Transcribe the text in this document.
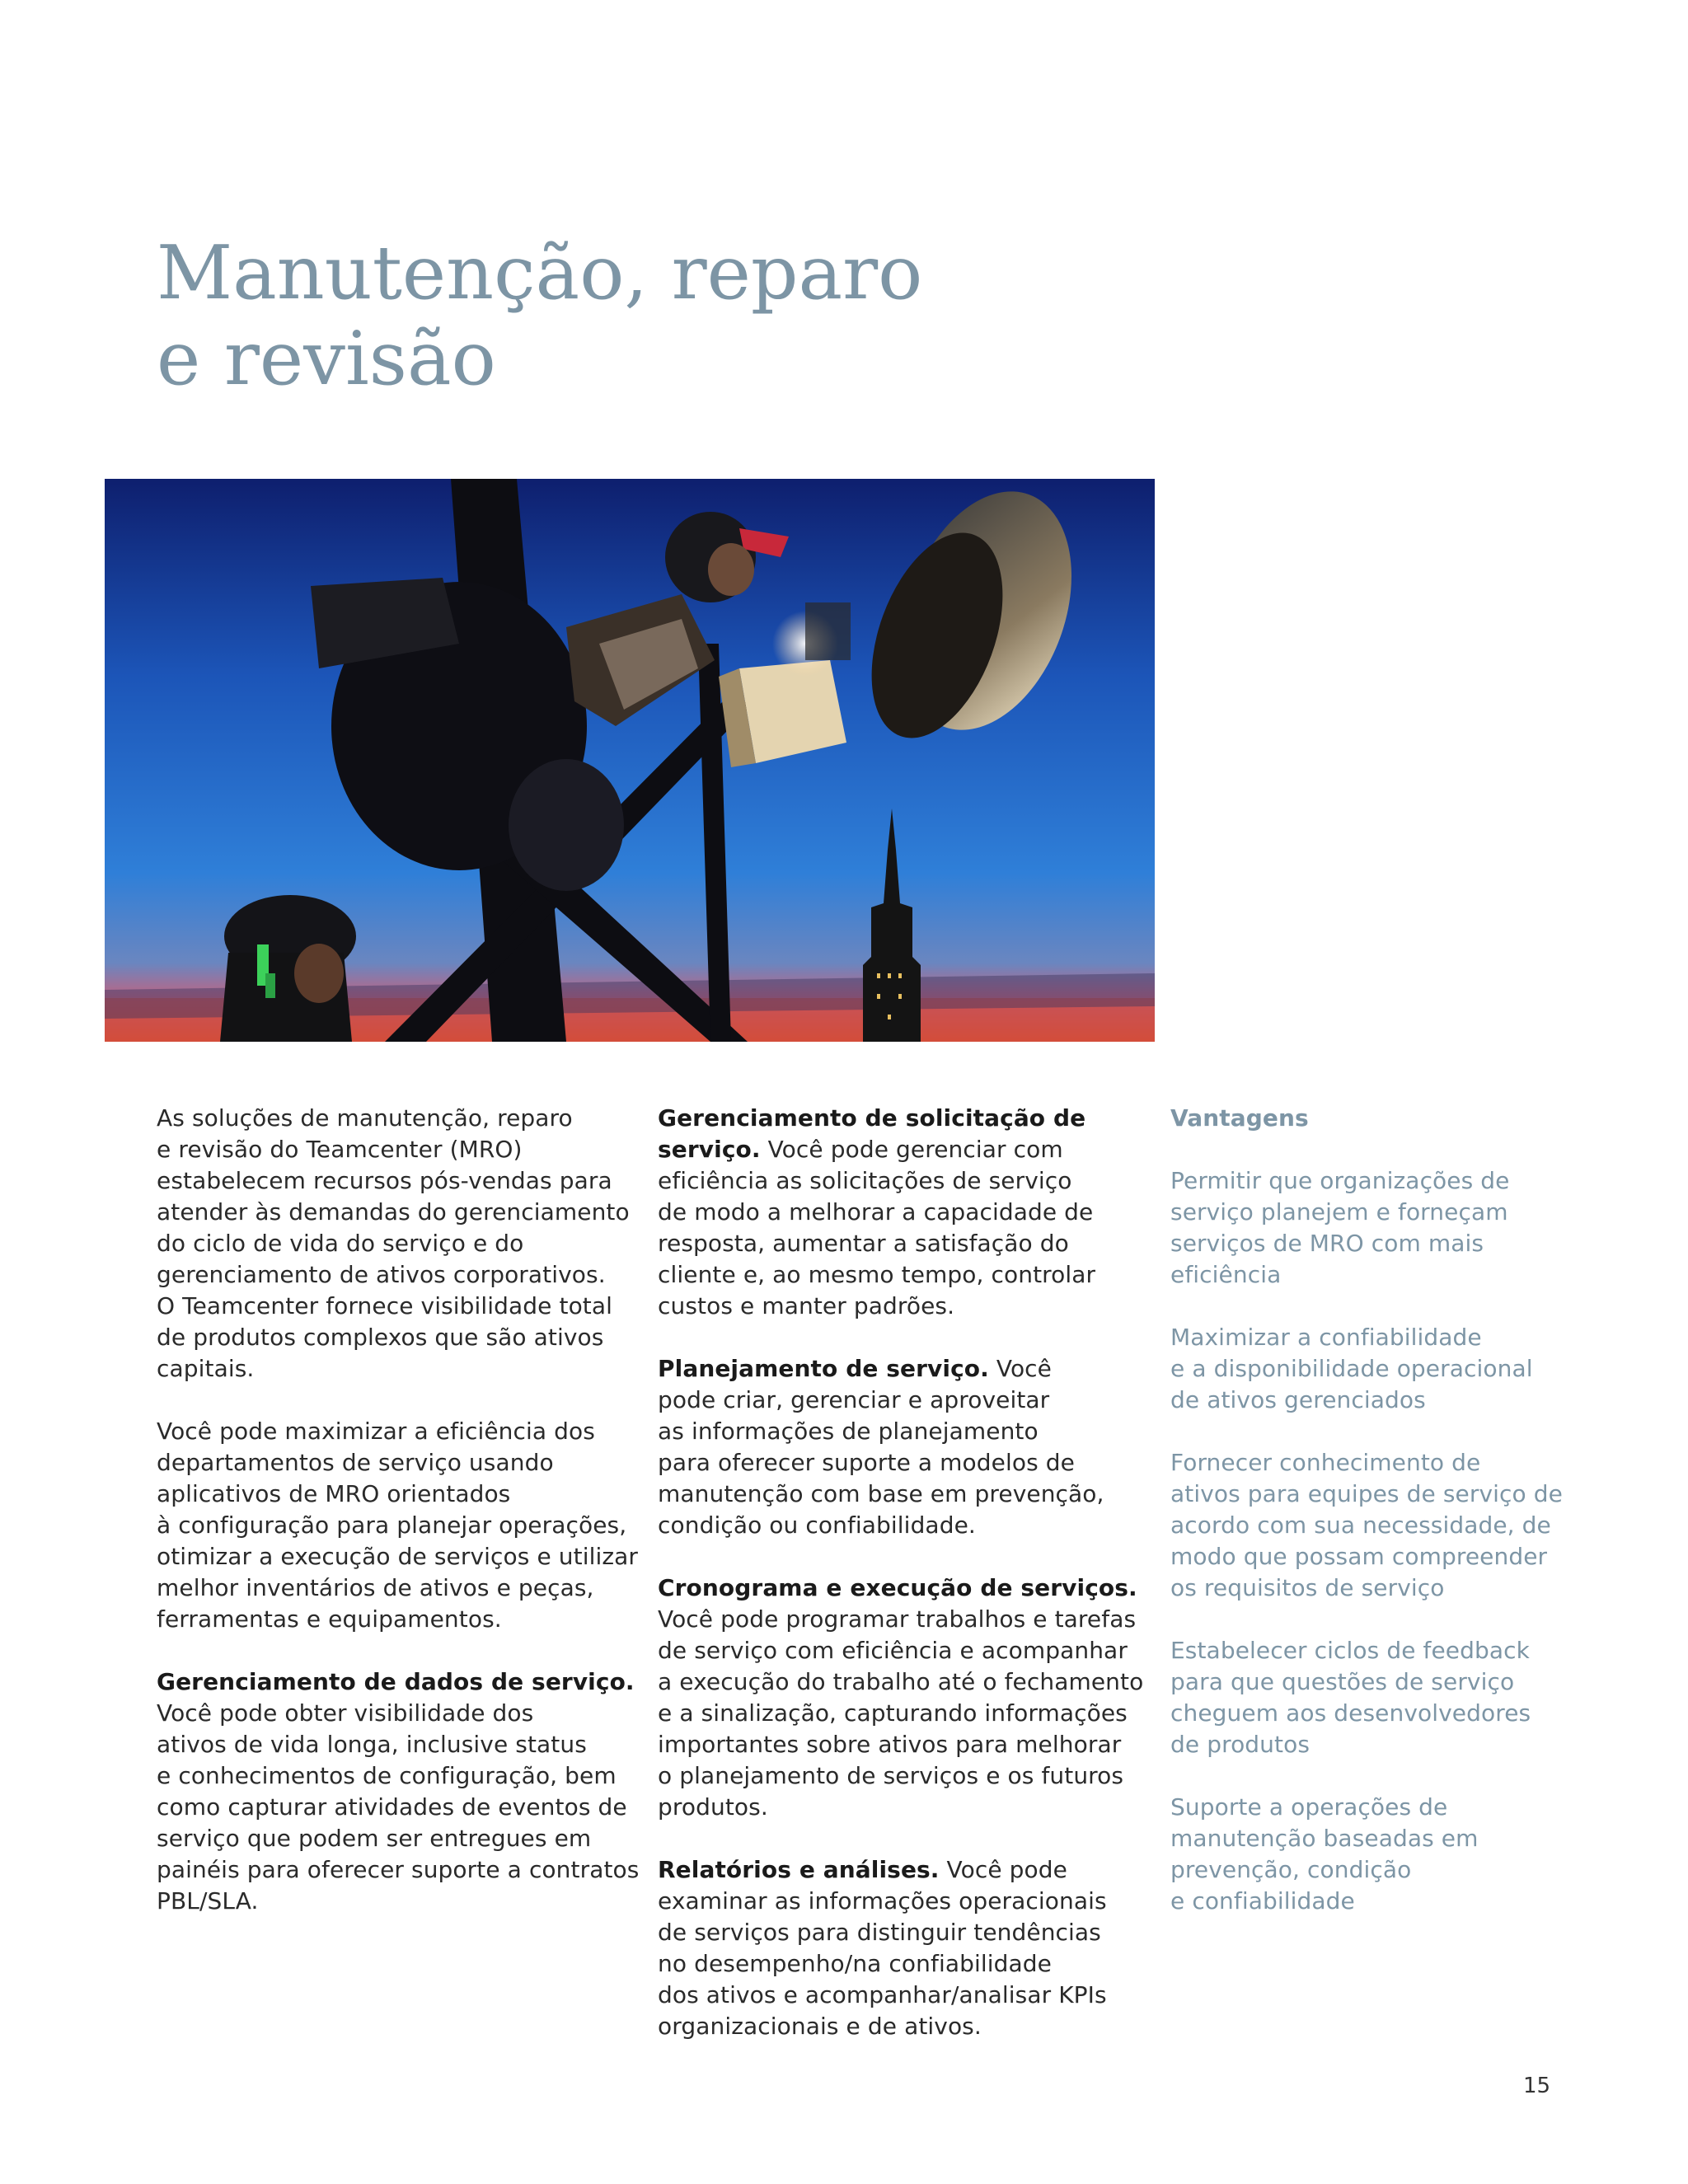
Manutenção, reparo
e revisão

As soluções de manutenção, reparo
e revisão do Teamcenter (MRO)
estabelecem recursos pós-vendas para
atender às demandas do gerenciamento
do ciclo de vida do serviço e do
gerenciamento de ativos corporativos.
O Teamcenter fornece visibilidade total
de produtos complexos que são ativos
capitais.

Você pode maximizar a eficiência dos
departamentos de serviço usando
aplicativos de MRO orientados
à configuração para planejar operações,
otimizar a execução de serviços e utilizar
melhor inventários de ativos e peças,
ferramentas e equipamentos.

Gerenciamento de dados de serviço.
Você pode obter visibilidade dos
ativos de vida longa, inclusive status
e conhecimentos de configuração, bem
como capturar atividades de eventos de
serviço que podem ser entregues em
painéis para oferecer suporte a contratos
PBL/SLA.

Gerenciamento de solicitação de
serviço. Você pode gerenciar com
eficiência as solicitações de serviço
de modo a melhorar a capacidade de
resposta, aumentar a satisfação do
cliente e, ao mesmo tempo, controlar
custos e manter padrões.

Planejamento de serviço. Você
pode criar, gerenciar e aproveitar
as informações de planejamento
para oferecer suporte a modelos de
manutenção com base em prevenção,
condição ou confiabilidade.

Cronograma e execução de serviços.
Você pode programar trabalhos e tarefas
de serviço com eficiência e acompanhar
a execução do trabalho até o fechamento
e a sinalização, capturando informações
importantes sobre ativos para melhorar
o planejamento de serviços e os futuros
produtos.

Relatórios e análises. Você pode
examinar as informações operacionais
de serviços para distinguir tendências
no desempenho/na confiabilidade
dos ativos e acompanhar/analisar KPIs
organizacionais e de ativos.

Vantagens

Permitir que organizações de
serviço planejem e forneçam
serviços de MRO com mais
eficiência

Maximizar a confiabilidade
e a disponibilidade operacional
de ativos gerenciados

Fornecer conhecimento de
ativos para equipes de serviço de
acordo com sua necessidade, de
modo que possam compreender
os requisitos de serviço

Estabelecer ciclos de feedback
para que questões de serviço
cheguem aos desenvolvedores
de produtos

Suporte a operações de
manutenção baseadas em
prevenção, condição
e confiabilidade

15
